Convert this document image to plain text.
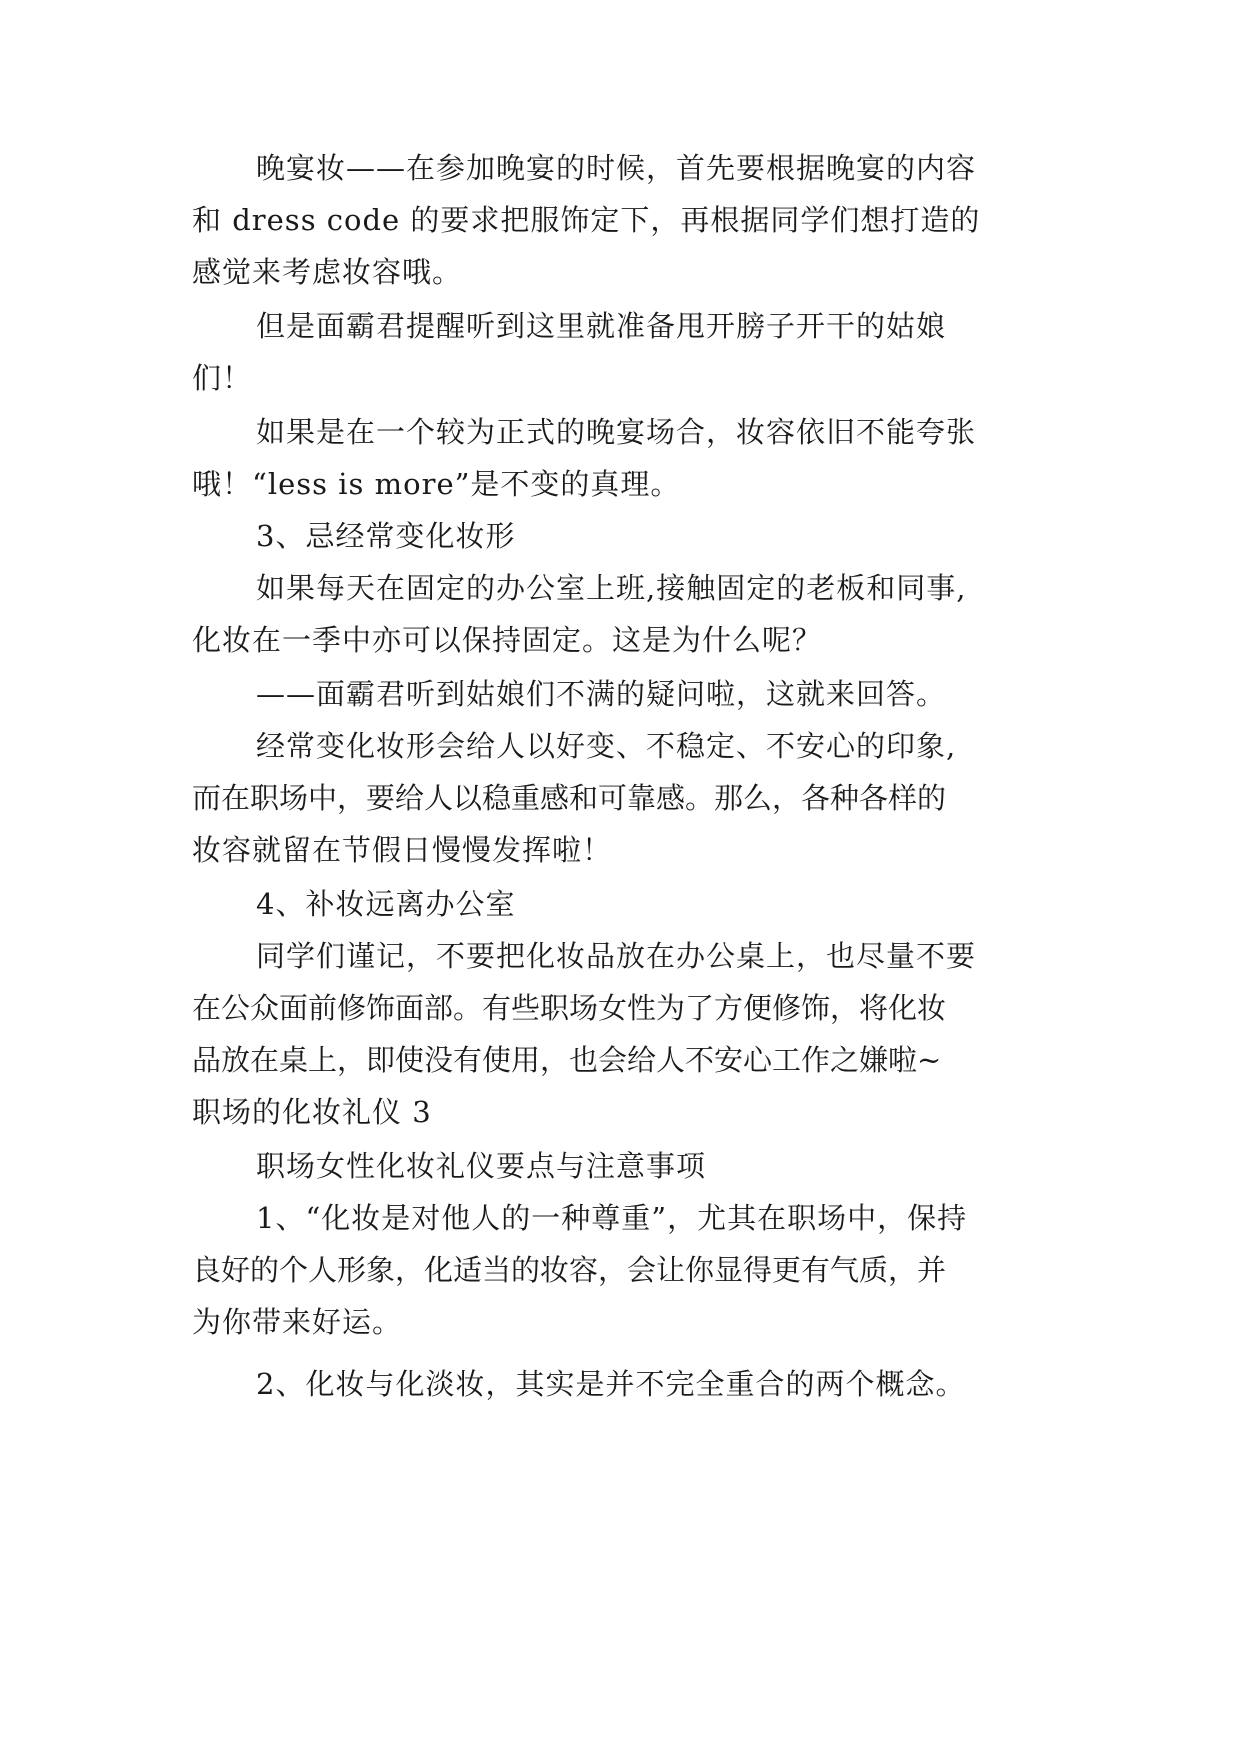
晚宴妆——在参加晚宴的时候，首先要根据晚宴的内容
和 dress code 的要求把服饰定下，再根据同学们想打造的
感觉来考虑妆容哦。
但是面霸君提醒听到这里就准备甩开膀子开干的姑娘
们！
如果是在一个较为正式的晚宴场合，妆容依旧不能夸张
哦！“less is more”是不变的真理。
3、忌经常变化妆形
如果每天在固定的办公室上班,接触固定的老板和同事,
化妆在一季中亦可以保持固定。这是为什么呢？
——面霸君听到姑娘们不满的疑问啦，这就来回答。
经常变化妆形会给人以好变、不稳定、不安心的印象,
而在职场中，要给人以稳重感和可靠感。那么，各种各样的
妆容就留在节假日慢慢发挥啦！
4、补妆远离办公室
同学们谨记，不要把化妆品放在办公桌上，也尽量不要
在公众面前修饰面部。有些职场女性为了方便修饰，将化妆
品放在桌上，即使没有使用，也会给人不安心工作之嫌啦~
职场的化妆礼仪 3
职场女性化妆礼仪要点与注意事项
1、“化妆是对他人的一种尊重”，尤其在职场中，保持
良好的个人形象，化适当的妆容，会让你显得更有气质，并
为你带来好运。
2、化妆与化淡妆，其实是并不完全重合的两个概念。
